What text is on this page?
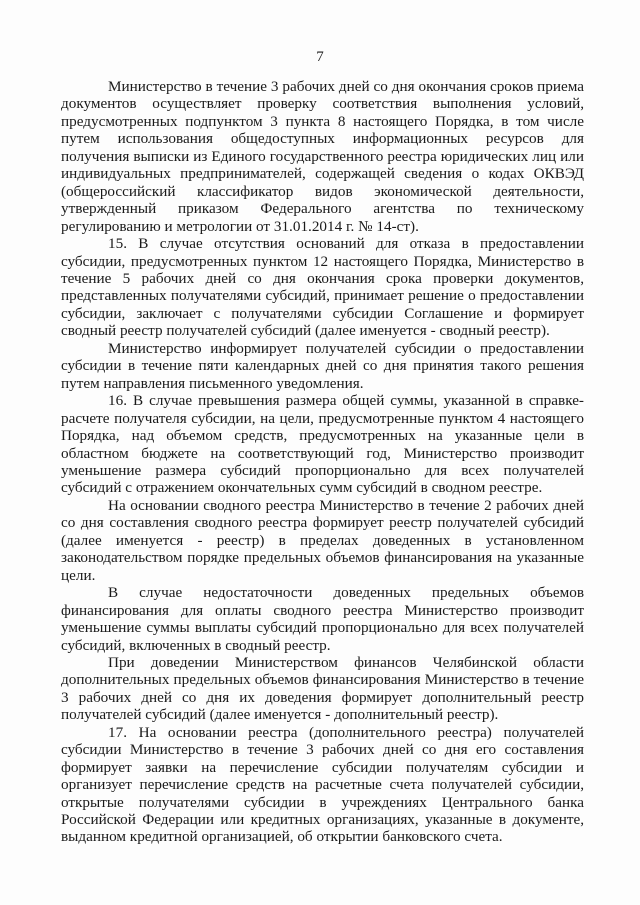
7

Министерство в течение 3 рабочих дней со дня окончания сроков приема документов осуществляет проверку соответствия выполнения условий, предусмотренных подпунктом 3 пункта 8 настоящего Порядка, в том числе путем использования общедоступных информационных ресурсов для получения выписки из Единого государственного реестра юридических лиц или индивидуальных предпринимателей, содержащей сведения о кодах ОКВЭД (общероссийский классификатор видов экономической деятельности, утвержденный приказом Федерального агентства по техническому регулированию и метрологии от 31.01.2014 г. № 14-ст).

15. В случае отсутствия оснований для отказа в предоставлении субсидии, предусмотренных пунктом 12 настоящего Порядка, Министерство в течение 5 рабочих дней со дня окончания срока проверки документов, представленных получателями субсидий, принимает решение о предоставлении субсидии, заключает с получателями субсидии Соглашение и формирует сводный реестр получателей субсидий (далее именуется - сводный реестр).

Министерство информирует получателей субсидии о предоставлении субсидии в течение пяти календарных дней со дня принятия такого решения путем направления письменного уведомления.

16. В случае превышения размера общей суммы, указанной в справке-расчете получателя субсидии, на цели, предусмотренные пунктом 4 настоящего Порядка, над объемом средств, предусмотренных на указанные цели в областном бюджете на соответствующий год, Министерство производит уменьшение размера субсидий пропорционально для всех получателей субсидий с отражением окончательных сумм субсидий в сводном реестре.

На основании сводного реестра Министерство в течение 2 рабочих дней со дня составления сводного реестра формирует реестр получателей субсидий (далее именуется - реестр) в пределах доведенных в установленном законодательством порядке предельных объемов финансирования на указанные цели.

В случае недостаточности доведенных предельных объемов финансирования для оплаты сводного реестра Министерство производит уменьшение суммы выплаты субсидий пропорционально для всех получателей субсидий, включенных в сводный реестр.

При доведении Министерством финансов Челябинской области дополнительных предельных объемов финансирования Министерство в течение 3 рабочих дней со дня их доведения формирует дополнительный реестр получателей субсидий (далее именуется - дополнительный реестр).

17. На основании реестра (дополнительного реестра) получателей субсидии Министерство в течение 3 рабочих дней со дня его составления формирует заявки на перечисление субсидии получателям субсидии и организует перечисление средств на расчетные счета получателей субсидии, открытые получателями субсидии в учреждениях Центрального банка Российской Федерации или кредитных организациях, указанные в документе, выданном кредитной организацией, об открытии банковского счета.
